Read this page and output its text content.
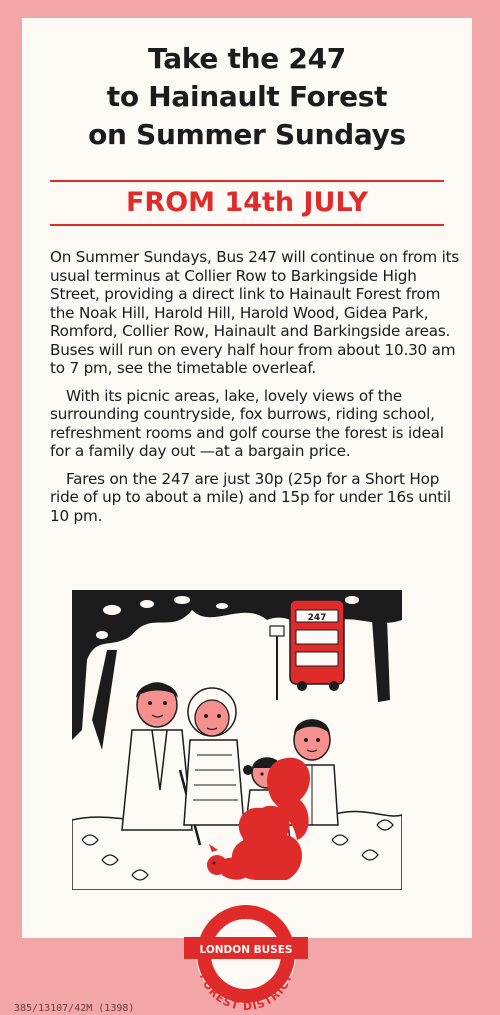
Take the 247
to Hainault Forest
on Summer Sundays
FROM 14th JULY

On Summer Sundays, Bus 247 will continue on from its usual terminus at Collier Row to Barkingside High Street, providing a direct link to Hainault Forest from the Noak Hill, Harold Hill, Harold Wood, Gidea Park, Romford, Collier Row, Hainault and Barkingside areas. Buses will run on every half hour from about 10.30 am to 7 pm, see the timetable overleaf.

With its picnic areas, lake, lovely views of the surrounding countryside, fox burrows, riding school, refreshment rooms and golf course the forest is ideal for a family day out —at a bargain price.

Fares on the 247 are just 30p (25p for a Short Hop ride of up to about a mile) and 15p for under 16s until 10 pm.

247
LONDON BUSES
FOREST DISTRICT
385/13107/42M (1398)
